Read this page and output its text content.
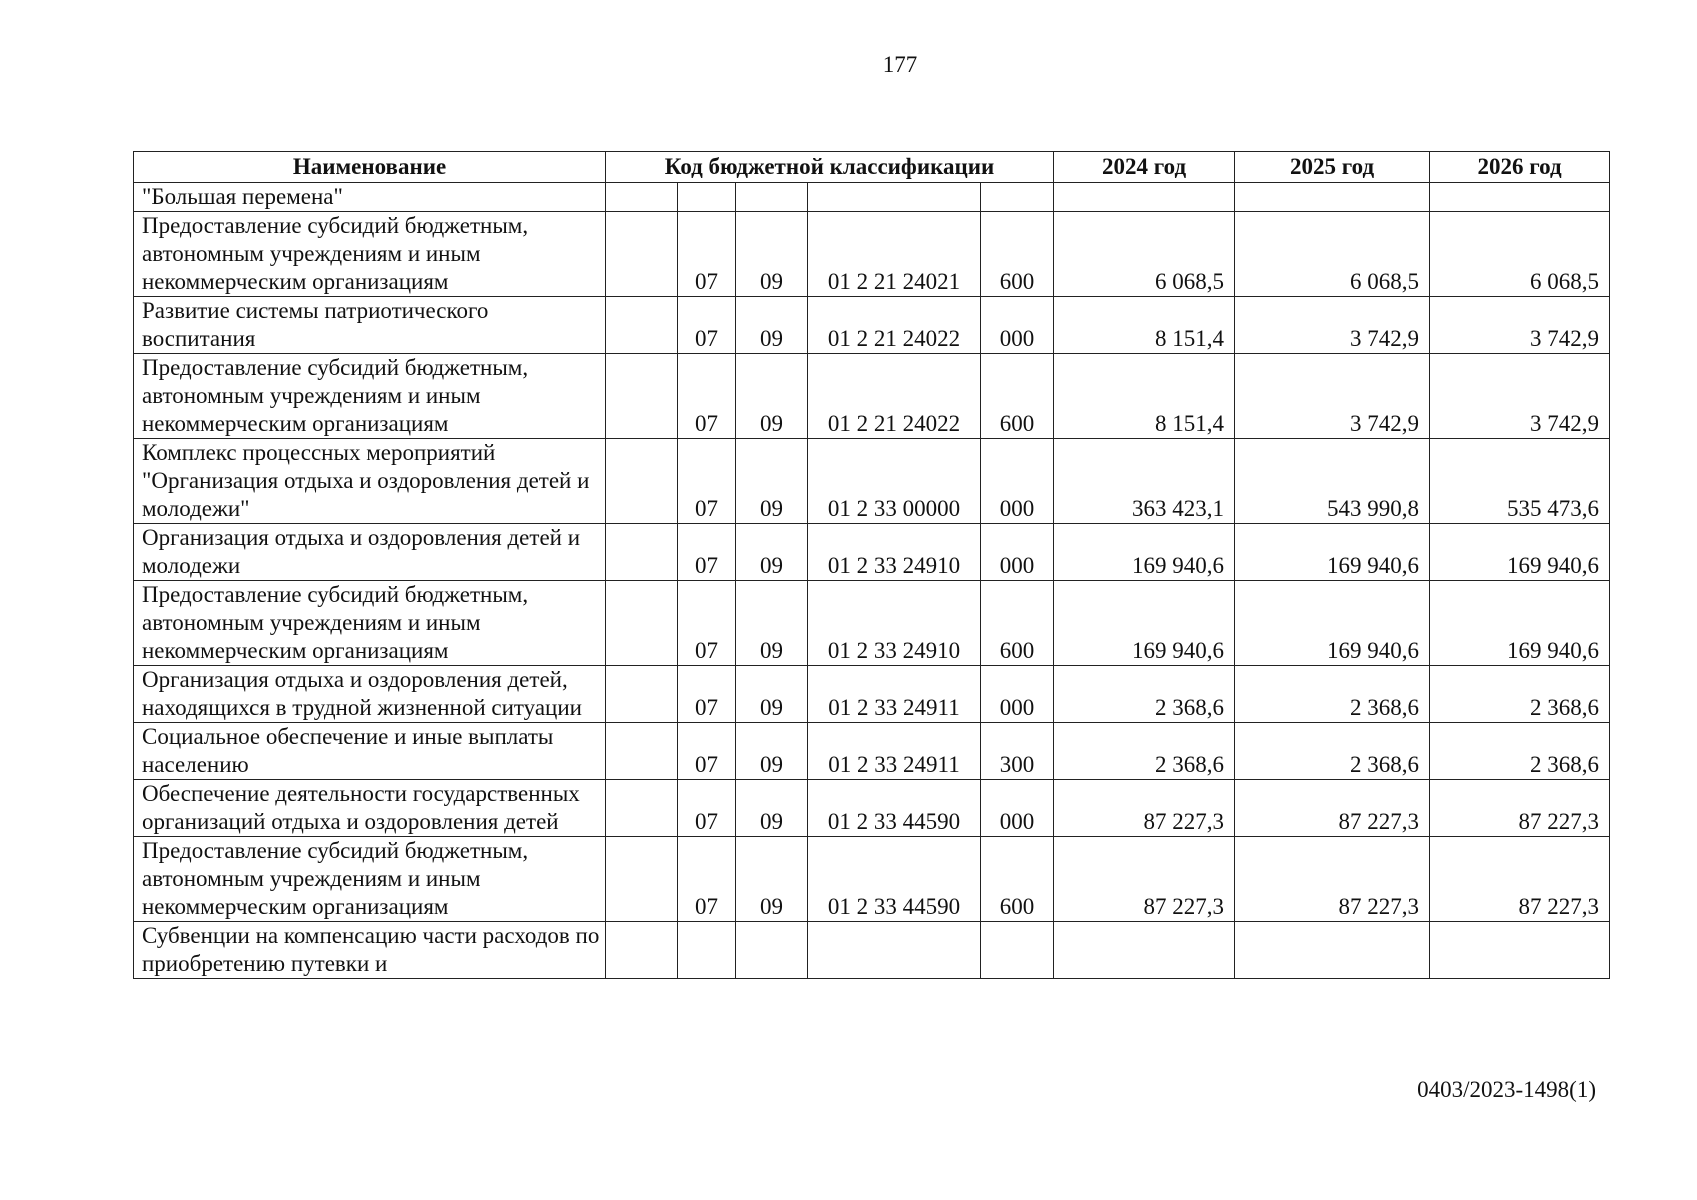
177
Наименование	Код бюджетной классификации					2024 год	2025 год	2026 год
"Большая перемена"								
Предоставление субсидий бюджетным, автономным учреждениям и иным некоммерческим организациям		07	09	01 2 21 24021	600	6 068,5	6 068,5	6 068,5
Развитие системы патриотического воспитания		07	09	01 2 21 24022	000	8 151,4	3 742,9	3 742,9
Предоставление субсидий бюджетным, автономным учреждениям и иным некоммерческим организациям		07	09	01 2 21 24022	600	8 151,4	3 742,9	3 742,9
Комплекс процессных мероприятий "Организация отдыха и оздоровления детей и молодежи"		07	09	01 2 33 00000	000	363 423,1	543 990,8	535 473,6
Организация отдыха и оздоровления детей и молодежи		07	09	01 2 33 24910	000	169 940,6	169 940,6	169 940,6
Предоставление субсидий бюджетным, автономным учреждениям и иным некоммерческим организациям		07	09	01 2 33 24910	600	169 940,6	169 940,6	169 940,6
Организация отдыха и оздоровления детей, находящихся в трудной жизненной ситуации		07	09	01 2 33 24911	000	2 368,6	2 368,6	2 368,6
Социальное обеспечение и иные выплаты населению		07	09	01 2 33 24911	300	2 368,6	2 368,6	2 368,6
Обеспечение деятельности государственных организаций отдыха и оздоровления детей		07	09	01 2 33 44590	000	87 227,3	87 227,3	87 227,3
Предоставление субсидий бюджетным, автономным учреждениям и иным некоммерческим организациям		07	09	01 2 33 44590	600	87 227,3	87 227,3	87 227,3
Субвенции на компенсацию части расходов по приобретению путевки и								
0403/2023-1498(1)
